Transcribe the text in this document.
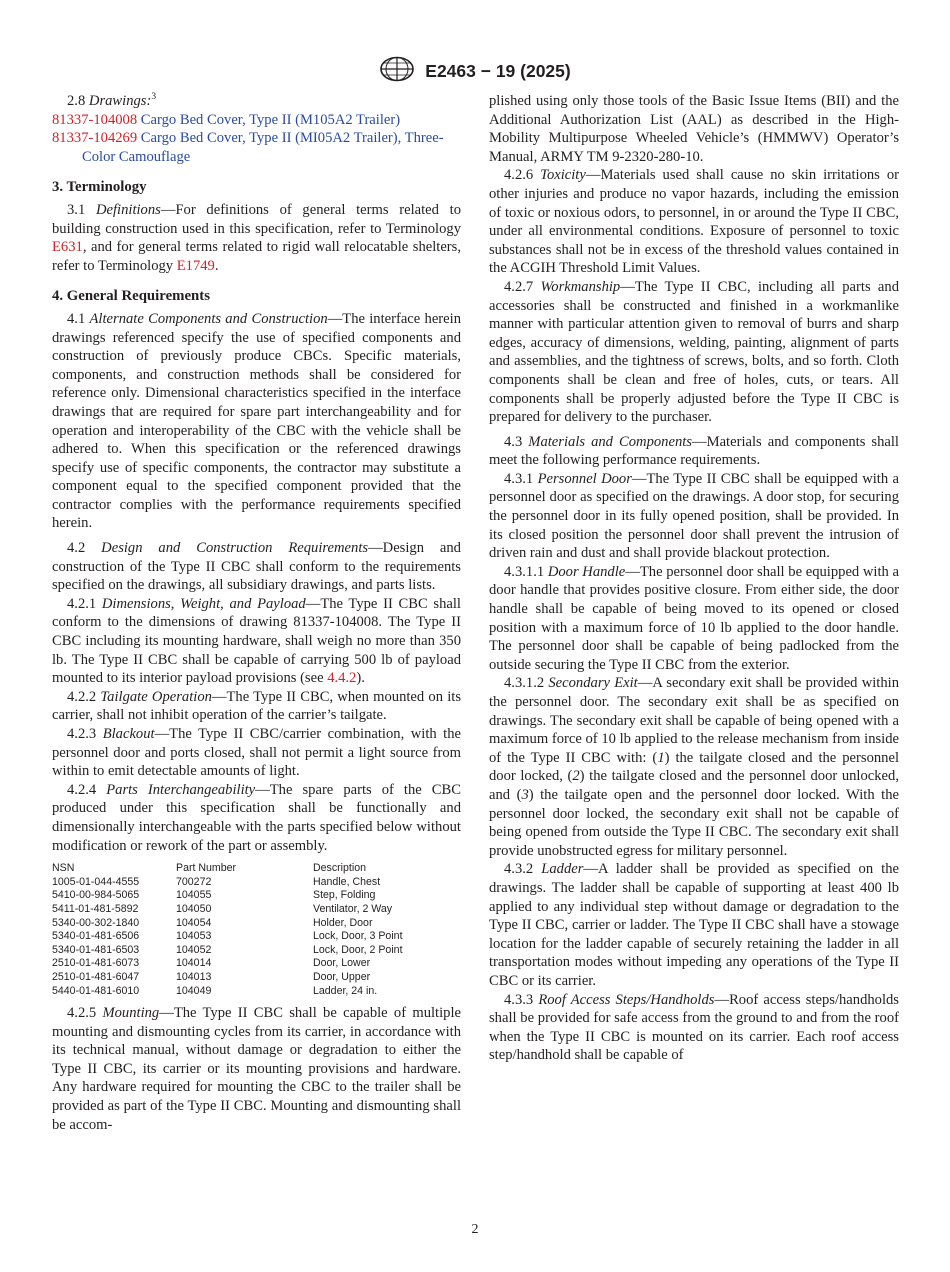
E2463 − 19 (2025)

2.8 Drawings:$^3$

81337-104008 Cargo Bed Cover, Type II (M105A2 Trailer)

81337-104269 Cargo Bed Cover, Type II (MI05A2 Trailer), Three-Color Camouflage

3. Terminology

3.1 Definitions—For definitions of general terms related to building construction used in this specification, refer to Terminology E631, and for general terms related to rigid wall relocatable shelters, refer to Terminology E1749.

4. General Requirements

4.1 Alternate Components and Construction—The interface herein drawings referenced specify the use of specified components and construction of previously produce CBCs. Specific materials, components, and construction methods shall be considered for reference only. Dimensional characteristics specified in the interface drawings that are required for spare part interchangeability and for operation and interoperability of the CBC with the vehicle shall be adhered to. When this specification or the referenced drawings specify use of specific components, the contractor may substitute a component equal to the specified component provided that the contractor complies with the performance requirements specified herein.

4.2 Design and Construction Requirements—Design and construction of the Type II CBC shall conform to the requirements specified on the drawings, all subsidiary drawings, and parts lists.

4.2.1 Dimensions, Weight, and Payload—The Type II CBC shall conform to the dimensions of drawing 81337-104008. The Type II CBC including its mounting hardware, shall weigh no more than 350 lb. The Type II CBC shall be capable of carrying 500 lb of payload mounted to its interior payload provisions (see 4.4.2).

4.2.2 Tailgate Operation—The Type II CBC, when mounted on its carrier, shall not inhibit operation of the carrier’s tailgate.

4.2.3 Blackout—The Type II CBC/carrier combination, with the personnel door and ports closed, shall not permit a light source from within to emit detectable amounts of light.

4.2.4 Parts Interchangeability—The spare parts of the CBC produced under this specification shall be functionally and dimensionally interchangeable with the parts specified below without modification or rework of the part or assembly.

NSN	Part Number	Description
1005-01-044-4555	700272	Handle, Chest
5410-00-984-5065	104055	Step, Folding
5411-01-481-5892	104050	Ventilator, 2 Way
5340-00-302-1840	104054	Holder, Door
5340-01-481-6506	104053	Lock, Door, 3 Point
5340-01-481-6503	104052	Lock, Door, 2 Point
2510-01-481-6073	104014	Door, Lower
2510-01-481-6047	104013	Door, Upper
5440-01-481-6010	104049	Ladder, 24 in.

4.2.5 Mounting—The Type II CBC shall be capable of multiple mounting and dismounting cycles from its carrier, in accordance with its technical manual, without damage or degradation to either the Type II CBC, its carrier or its mounting provisions and hardware. Any hardware required for mounting the CBC to the trailer shall be provided as part of the Type II CBC. Mounting and dismounting shall be accom-

plished using only those tools of the Basic Issue Items (BII) and the Additional Authorization List (AAL) as described in the High-Mobility Multipurpose Wheeled Vehicle’s (HMMWV) Operator’s Manual, ARMY TM 9-2320-280-10.

4.2.6 Toxicity—Materials used shall cause no skin irritations or other injuries and produce no vapor hazards, including the emission of toxic or noxious odors, to personnel, in or around the Type II CBC, under all environmental conditions. Exposure of personnel to toxic substances shall not be in excess of the threshold values contained in the ACGIH Threshold Limit Values.

4.2.7 Workmanship—The Type II CBC, including all parts and accessories shall be constructed and finished in a workmanlike manner with particular attention given to removal of burrs and sharp edges, accuracy of dimensions, welding, painting, alignment of parts and assemblies, and the tightness of screws, bolts, and so forth. Cloth components shall be clean and free of holes, cuts, or tears. All components shall be properly adjusted before the Type II CBC is prepared for delivery to the purchaser.

4.3 Materials and Components—Materials and components shall meet the following performance requirements.

4.3.1 Personnel Door—The Type II CBC shall be equipped with a personnel door as specified on the drawings. A door stop, for securing the personnel door in its fully opened position, shall be provided. In its closed position the personnel door shall prevent the intrusion of driven rain and dust and shall provide blackout protection.

4.3.1.1 Door Handle—The personnel door shall be equipped with a door handle that provides positive closure. From either side, the door handle shall be capable of being moved to its opened or closed position with a maximum force of 10 lb applied to the door handle. The personnel door shall be capable of being padlocked from the outside securing the Type II CBC from the exterior.

4.3.1.2 Secondary Exit—A secondary exit shall be provided within the personnel door. The secondary exit shall be as specified on drawings. The secondary exit shall be capable of being opened with a maximum force of 10 lb applied to the release mechanism from inside of the Type II CBC with: (1) the tailgate closed and the personnel door locked, (2) the tailgate closed and the personnel door unlocked, and (3) the tailgate open and the personnel door locked. With the personnel door locked, the secondary exit shall not be capable of being opened from outside the Type II CBC. The secondary exit shall provide unobstructed egress for military personnel.

4.3.2 Ladder—A ladder shall be provided as specified on the drawings. The ladder shall be capable of supporting at least 400 lb applied to any individual step without damage or degradation to the Type II CBC, carrier or ladder. The Type II CBC shall have a stowage location for the ladder capable of securely retaining the ladder in all transportation modes without impeding any operations of the Type II CBC or its carrier.

4.3.3 Roof Access Steps/Handholds—Roof access steps/handholds shall be provided for safe access from the ground to and from the roof when the Type II CBC is mounted on its carrier. Each roof access step/handhold shall be capable of

2
